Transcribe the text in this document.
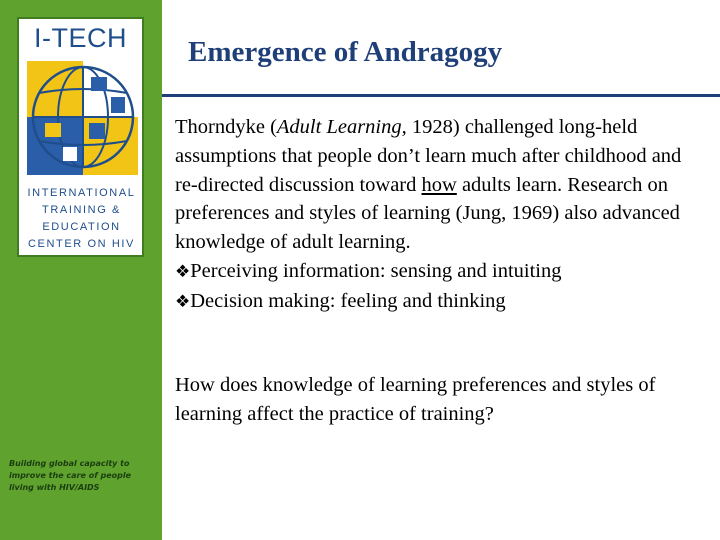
I-TECH
INTERNATIONAL
TRAINING &
EDUCATION
CENTER ON HIV
Building global capacity to improve the care of people living with HIV/AIDS
Emergence of Andragogy

Thorndyke (Adult Learning, 1928) challenged long-held assumptions that people don’t learn much after childhood and re-directed discussion toward how adults learn. Research on preferences and styles of learning (Jung, 1969) also advanced knowledge of adult learning.

❖Perceiving information: sensing and intuiting

❖Decision making: feeling and thinking

How does knowledge of learning preferences and styles of learning affect the practice of training?
